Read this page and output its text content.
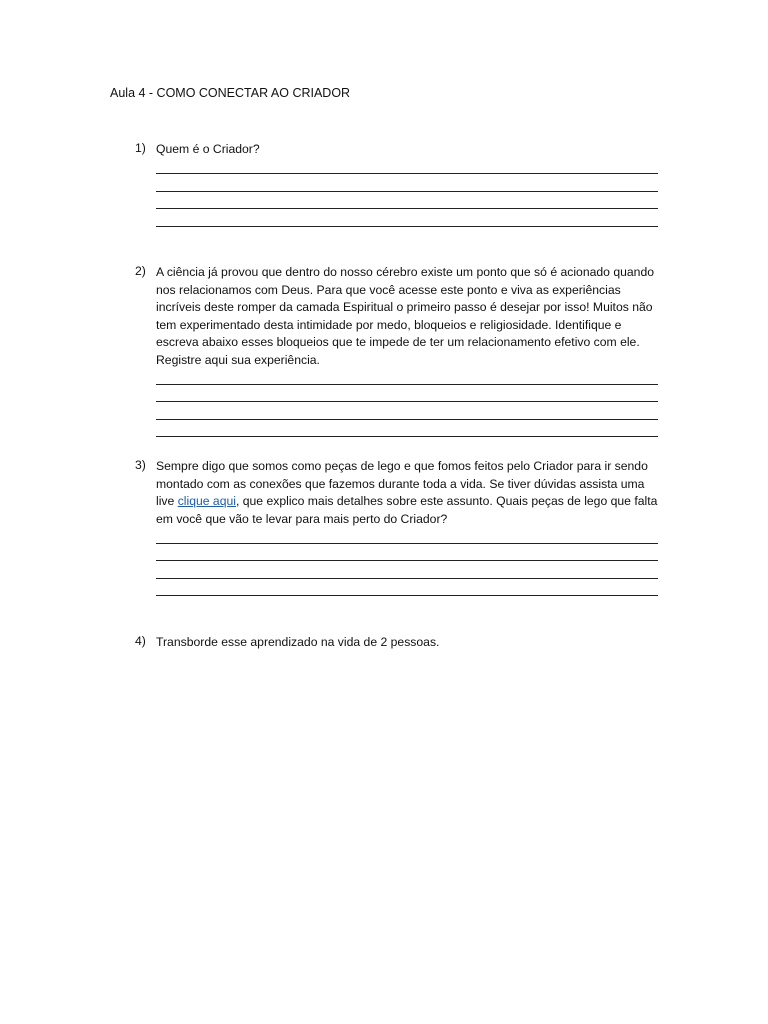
Aula 4 - COMO CONECTAR AO CRIADOR
1) Quem é o Criador?
2) A ciência já provou que dentro do nosso cérebro existe um ponto que só é acionado quando nos relacionamos com Deus. Para que você acesse este ponto e viva as experiências incríveis deste romper da camada Espiritual o primeiro passo é desejar por isso! Muitos não tem experimentado desta intimidade por medo, bloqueios e religiosidade. Identifique e escreva abaixo esses bloqueios que te impede de ter um relacionamento efetivo com ele. Registre aqui sua experiência.
3) Sempre digo que somos como peças de lego e que fomos feitos pelo Criador para ir sendo montado com as conexões que fazemos durante toda a vida. Se tiver dúvidas assista uma live clique aqui, que explico mais detalhes sobre este assunto. Quais peças de lego que falta em você que vão te levar para mais perto do Criador?
4) Transborde esse aprendizado na vida de 2 pessoas.
